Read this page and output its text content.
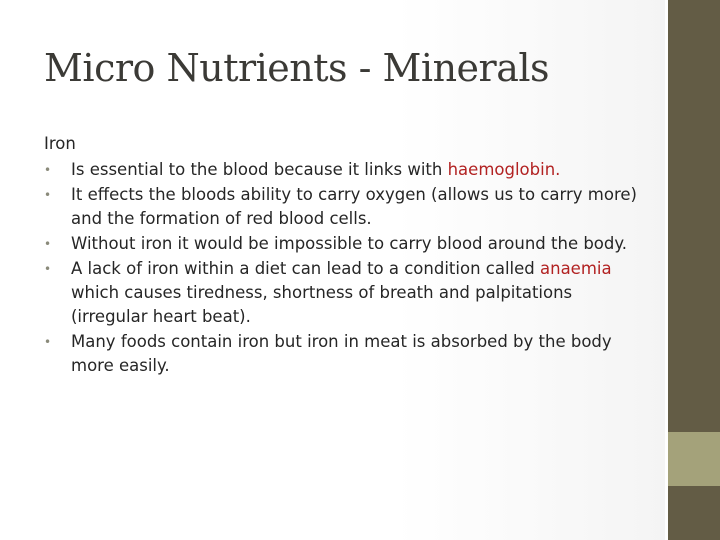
Micro Nutrients - Minerals

Iron

• Is essential to the blood because it links with haemoglobin.
• It effects the bloods ability to carry oxygen (allows us to carry more) and the formation of red blood cells.
• Without iron it would be impossible to carry blood around the body.
• A lack of iron within a diet can lead to a condition called anaemia which causes tiredness, shortness of breath and palpitations (irregular heart beat).
• Many foods contain iron but iron in meat is absorbed by the body more easily.
